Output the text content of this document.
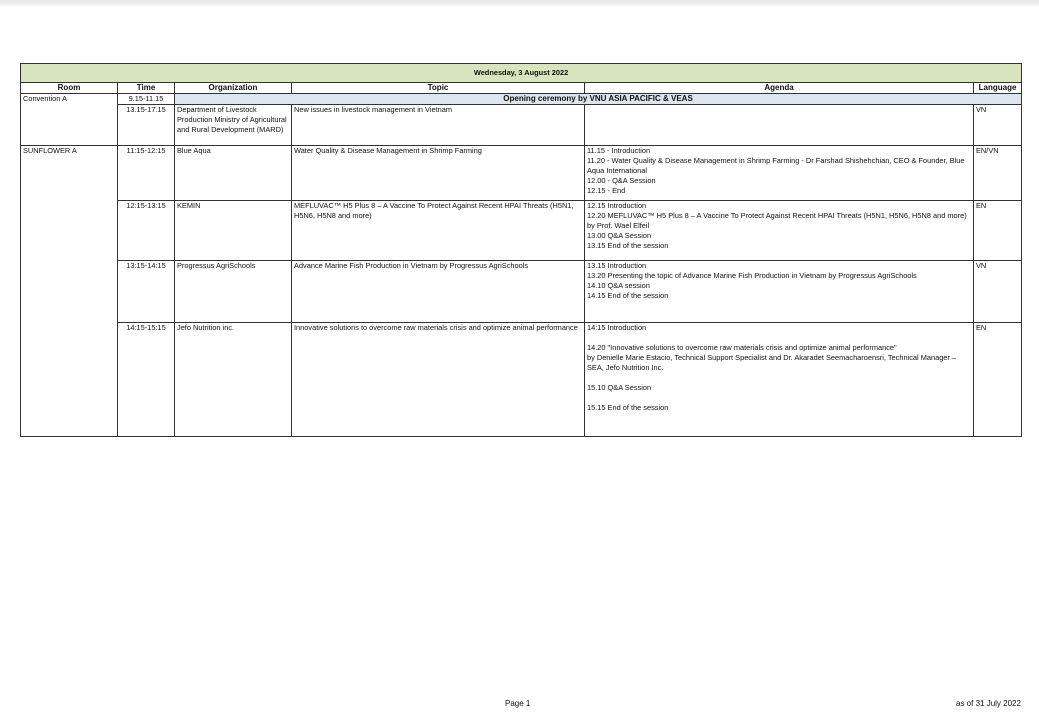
Wednesday, 3 August 2022					
Room	Time	Organization	Topic	Agenda	Language
Convention A	9.15-11.15	Opening ceremony by VNU ASIA PACIFIC & VEAS			
	13.15-17.15	Department of Livestock Production Ministry of Agricultural and Rural Development (MARD)	New issues in livestock management in Vietnam		VN
SUNFLOWER A	11:15-12:15	Blue Aqua	Water Quality & Disease Management in Shrimp Farming	11.15 - Introduction
11.20 - Water Quality & Disease Management in Shrimp Farming - Dr Farshad Shishehchian, CEO & Founder, Blue Aqua International
12.00 - Q&A Session
12.15 - End	EN/VN
	12:15-13:15	KEMIN	MEFLUVAC™ H5 Plus 8 – A Vaccine To Protect Against Recent HPAI Threats (H5N1, H5N6, H5N8 and more)	12.15 Introduction
12.20 MEFLUVAC™ H5 Plus 8 – A Vaccine To Protect Against Recent HPAI Threats (H5N1, H5N6, H5N8 and more) by Prof. Wael Elfeil
13.00 Q&A Session
13.15 End of the session	EN
	13:15-14:15	Progressus AgriSchools	Advance Marine Fish Production in Vietnam by Progressus AgriSchools	13.15 Introduction
13.20 Presenting the topic of Advance Marine Fish Production in Vietnam by Progressus AgriSchools
14.10 Q&A session
14.15 End of the session	VN
	14:15-15:15	Jefo Nutrition inc.	Innovative solutions to overcome raw materials crisis and optimize animal performance	14:15 Introduction
14.20 "Innovative solutions to overcome raw materials crisis and optimize animal performance"
by Denielle Marie Estacio, Technical Support Specialist and Dr. Akaradet Seemacharoensri, Technical Manager – SEA, Jefo Nutrition Inc.
15.10 Q&A Session
15.15 End of the session	EN
Page 1	as of 31 July 2022
